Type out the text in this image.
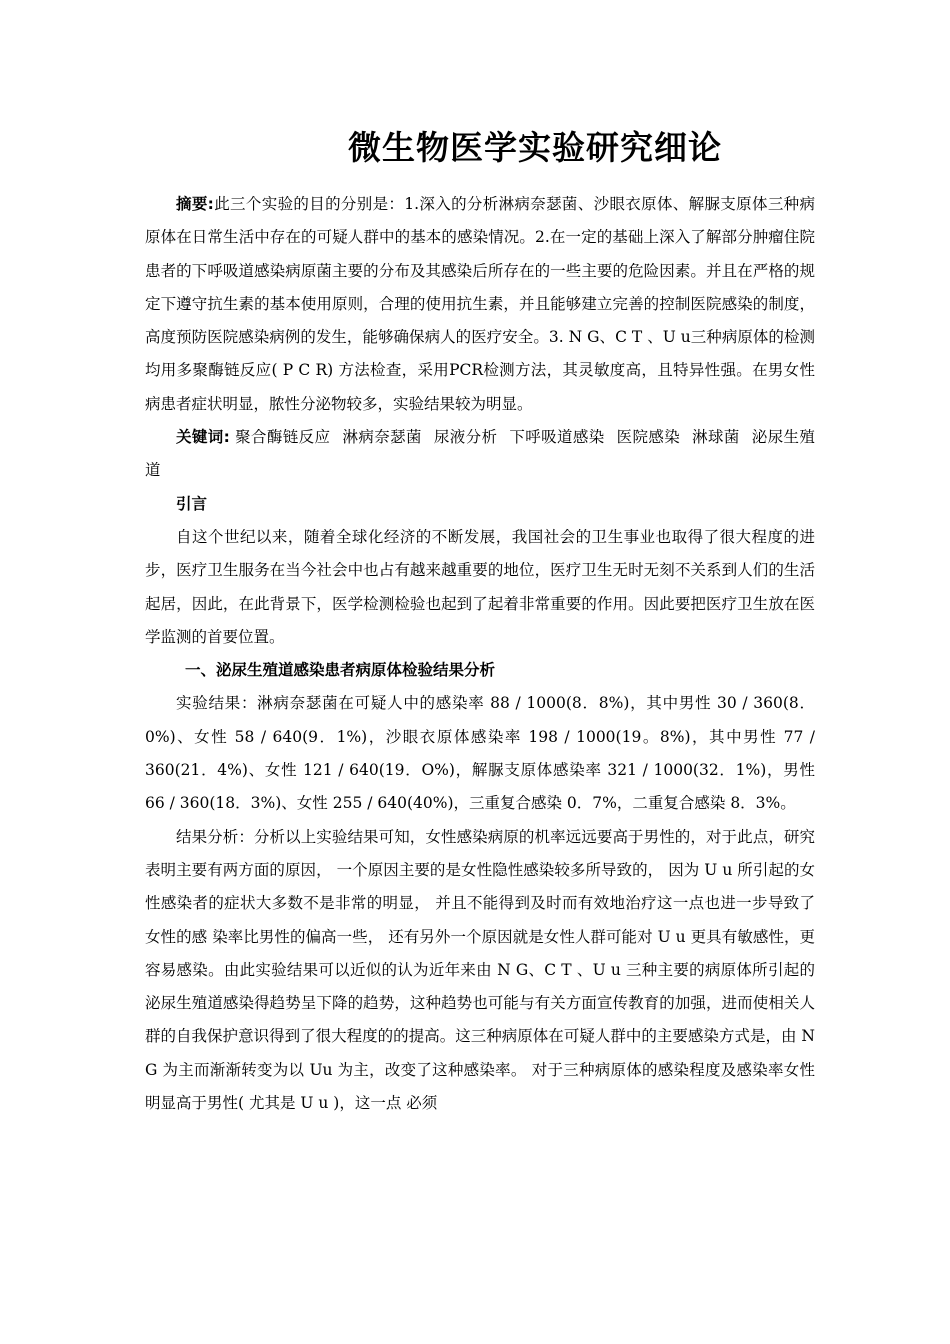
微生物医学实验研究细论

摘要:此三个实验的目的分别是：1.深入的分析淋病奈瑟菌、沙眼衣原体、解脲支原体三种病原体在日常生活中存在的可疑人群中的基本的感染情况。2.在一定的基础上深入了解部分肿瘤住院患者的下呼吸道感染病原菌主要的分布及其感染后所存在的一些主要的危险因素。并且在严格的规定下遵守抗生素的基本使用原则，合理的使用抗生素，并且能够建立完善的控制医院感染的制度，高度预防医院感染病例的发生，能够确保病人的医疗安全。3. N G、C T 、U u三种病原体的检测均用多聚酶链反应( P C R) 方法检查，采用PCR检测方法，其灵敏度高，且特异性强。在男女性病患者症状明显，脓性分泌物较多，实验结果较为明显。

关键词: 聚合酶链反应 淋病奈瑟菌 尿液分析 下呼吸道感染 医院感染 淋球菌 泌尿生殖道

引言

自这个世纪以来，随着全球化经济的不断发展，我国社会的卫生事业也取得了很大程度的进步，医疗卫生服务在当今社会中也占有越来越重要的地位，医疗卫生无时无刻不关系到人们的生活起居，因此，在此背景下，医学检测检验也起到了起着非常重要的作用。因此要把医疗卫生放在医学监测的首要位置。

一、泌尿生殖道感染患者病原体检验结果分析

实验结果：淋病奈瑟菌在可疑人中的感染率 88 / 1000(8．8%)，其中男性 30 / 360(8．0%)、女性 58 / 640(9．1%)，沙眼衣原体感染率 198 / 1000(19。8%)，其中男性 77 / 360(21．4%)、女性 121 / 640(19．O%)，解脲支原体感染率 321 / 1000(32．1%)，男性 66 / 360(18．3%)、女性 255 / 640(40%)，三重复合感染 0．7%，二重复合感染 8．3%。

结果分析：分析以上实验结果可知，女性感染病原的机率远远要高于男性的，对于此点，研究表明主要有两方面的原因， 一个原因主要的是女性隐性感染较多所导致的， 因为 U u 所引起的女性感染者的症状大多数不是非常的明显， 并且不能得到及时而有效地治疗这一点也进一步导致了女性的感 染率比男性的偏高一些， 还有另外一个原因就是女性人群可能对 U u 更具有敏感性，更容易感染。由此实验结果可以近似的认为近年来由 N G、C T 、U u 三种主要的病原体所引起的泌尿生殖道感染得趋势呈下降的趋势，这种趋势也可能与有关方面宣传教育的加强，进而使相关人群的自我保护意识得到了很大程度的的提高。这三种病原体在可疑人群中的主要感染方式是，由 N G 为主而渐渐转变为以 Uu 为主，改变了这种感染率。 对于三种病原体的感染程度及感染率女性明显高于男性( 尤其是 U u )，这一点 必须
